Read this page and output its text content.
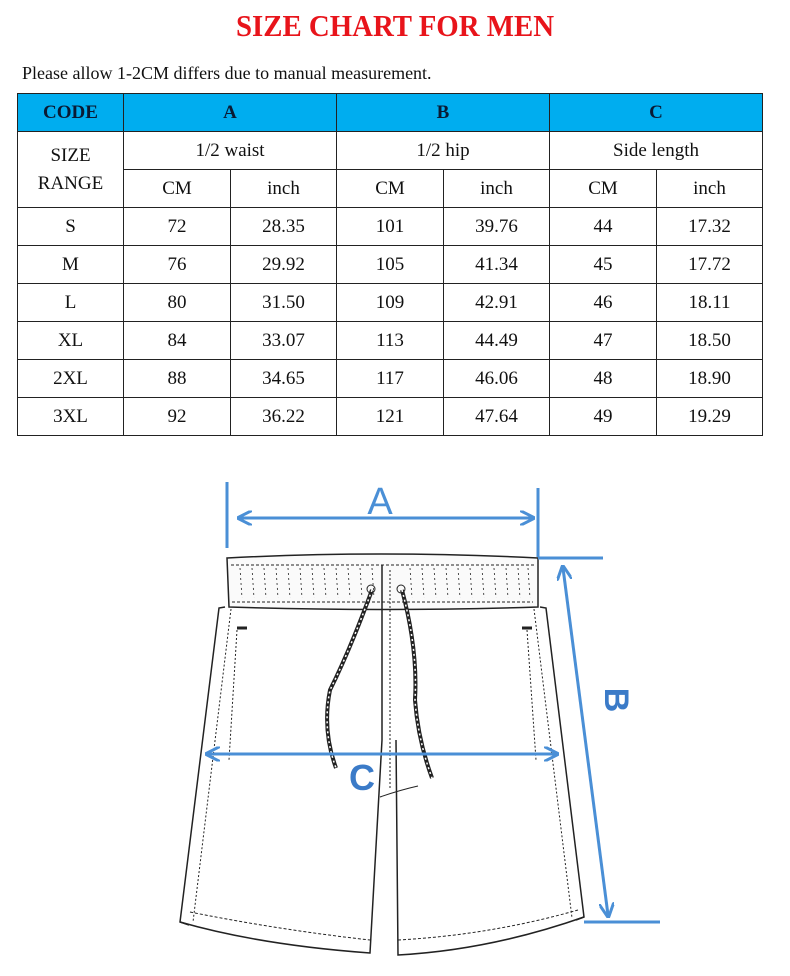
SIZE CHART FOR MEN
Please allow 1-2CM differs due to manual measurement.
CODE	A		B		C	
SIZE
RANGE	1/2 waist		1/2 hip		Side length	
	CM	inch	CM	inch	CM	inch
S	72	28.35	101	39.76	44	17.32
M	76	29.92	105	41.34	45	17.72
L	80	31.50	109	42.91	46	18.11
XL	84	33.07	113	44.49	47	18.50
2XL	88	34.65	117	46.06	48	18.90
3XL	92	36.22	121	47.64	49	19.29
A
B
C
